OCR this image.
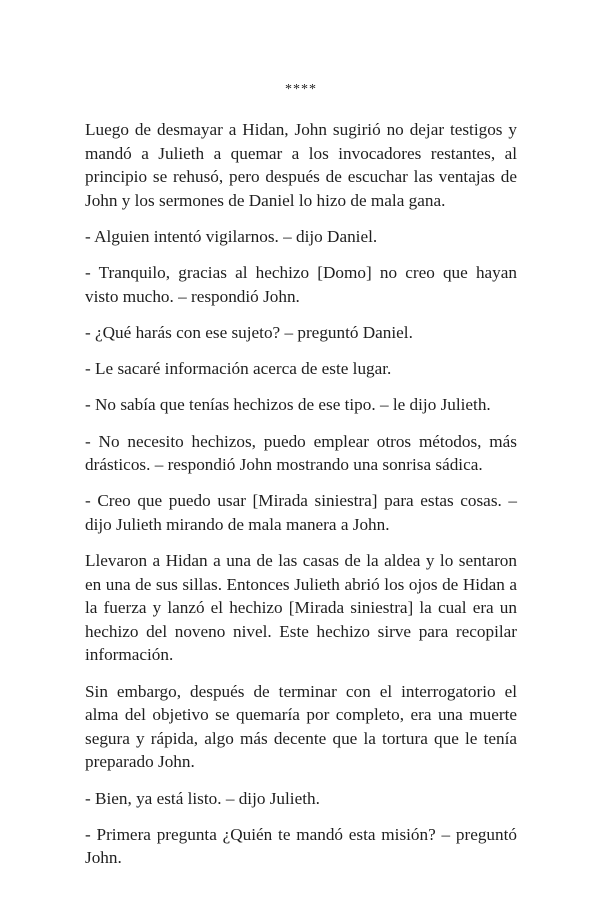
****

Luego de desmayar a Hidan, John sugirió no dejar testigos y mandó a Julieth a quemar a los invocadores restantes, al principio se rehusó, pero después de escuchar las ventajas de John y los sermones de Daniel lo hizo de mala gana.

- Alguien intentó vigilarnos. – dijo Daniel.

- Tranquilo, gracias al hechizo [Domo] no creo que hayan visto mucho. – respondió John.

- ¿Qué harás con ese sujeto? – preguntó Daniel.

- Le sacaré información acerca de este lugar.

- No sabía que tenías hechizos de ese tipo. – le dijo Julieth.

- No necesito hechizos, puedo emplear otros métodos, más drásticos. – respondió John mostrando una sonrisa sádica.

- Creo que puedo usar [Mirada siniestra] para estas cosas. – dijo Julieth mirando de mala manera a John.

Llevaron a Hidan a una de las casas de la aldea y lo sentaron en una de sus sillas. Entonces Julieth abrió los ojos de Hidan a la fuerza y lanzó el hechizo [Mirada siniestra] la cual era un hechizo del noveno nivel. Este hechizo sirve para recopilar información.

Sin embargo, después de terminar con el interrogatorio el alma del objetivo se quemaría por completo, era una muerte segura y rápida, algo más decente que la tortura que le tenía preparado John.

- Bien, ya está listo. – dijo Julieth.

- Primera pregunta ¿Quién te mandó esta misión? – preguntó John.
